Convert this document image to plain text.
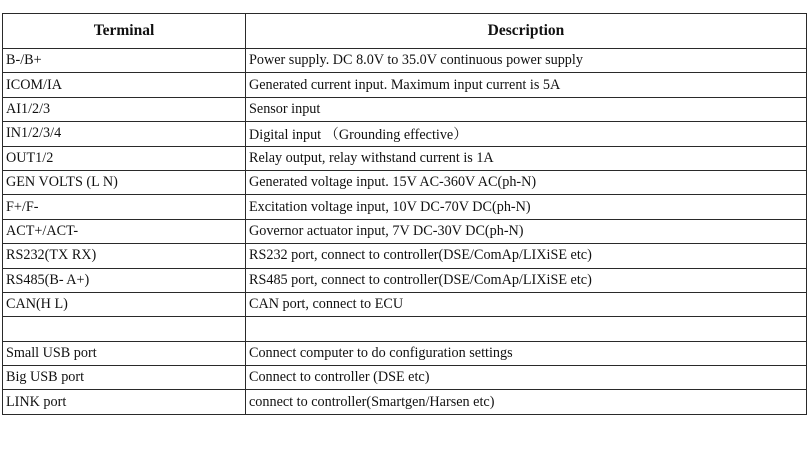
Terminal	Description
B-/B+	Power supply. DC 8.0V to 35.0V continuous power supply
ICOM/IA	Generated current input. Maximum input current is 5A
AI1/2/3	Sensor input
IN1/2/3/4	Digital input （Grounding effective）
OUT1/2	Relay output, relay withstand current is 1A
GEN VOLTS (L N)	Generated voltage input. 15V AC-360V AC(ph-N)
F+/F-	Excitation voltage input, 10V DC-70V DC(ph-N)
ACT+/ACT-	Governor actuator input, 7V DC-30V DC(ph-N)
RS232(TX RX)	RS232 port, connect to controller(DSE/ComAp/LIXiSE etc)
RS485(B- A+)	RS485 port, connect to controller(DSE/ComAp/LIXiSE etc)
CAN(H L)	CAN port, connect to ECU

Small USB port	Connect computer to do configuration settings
Big USB port	Connect to controller (DSE etc)
LINK port	connect to controller(Smartgen/Harsen etc)
